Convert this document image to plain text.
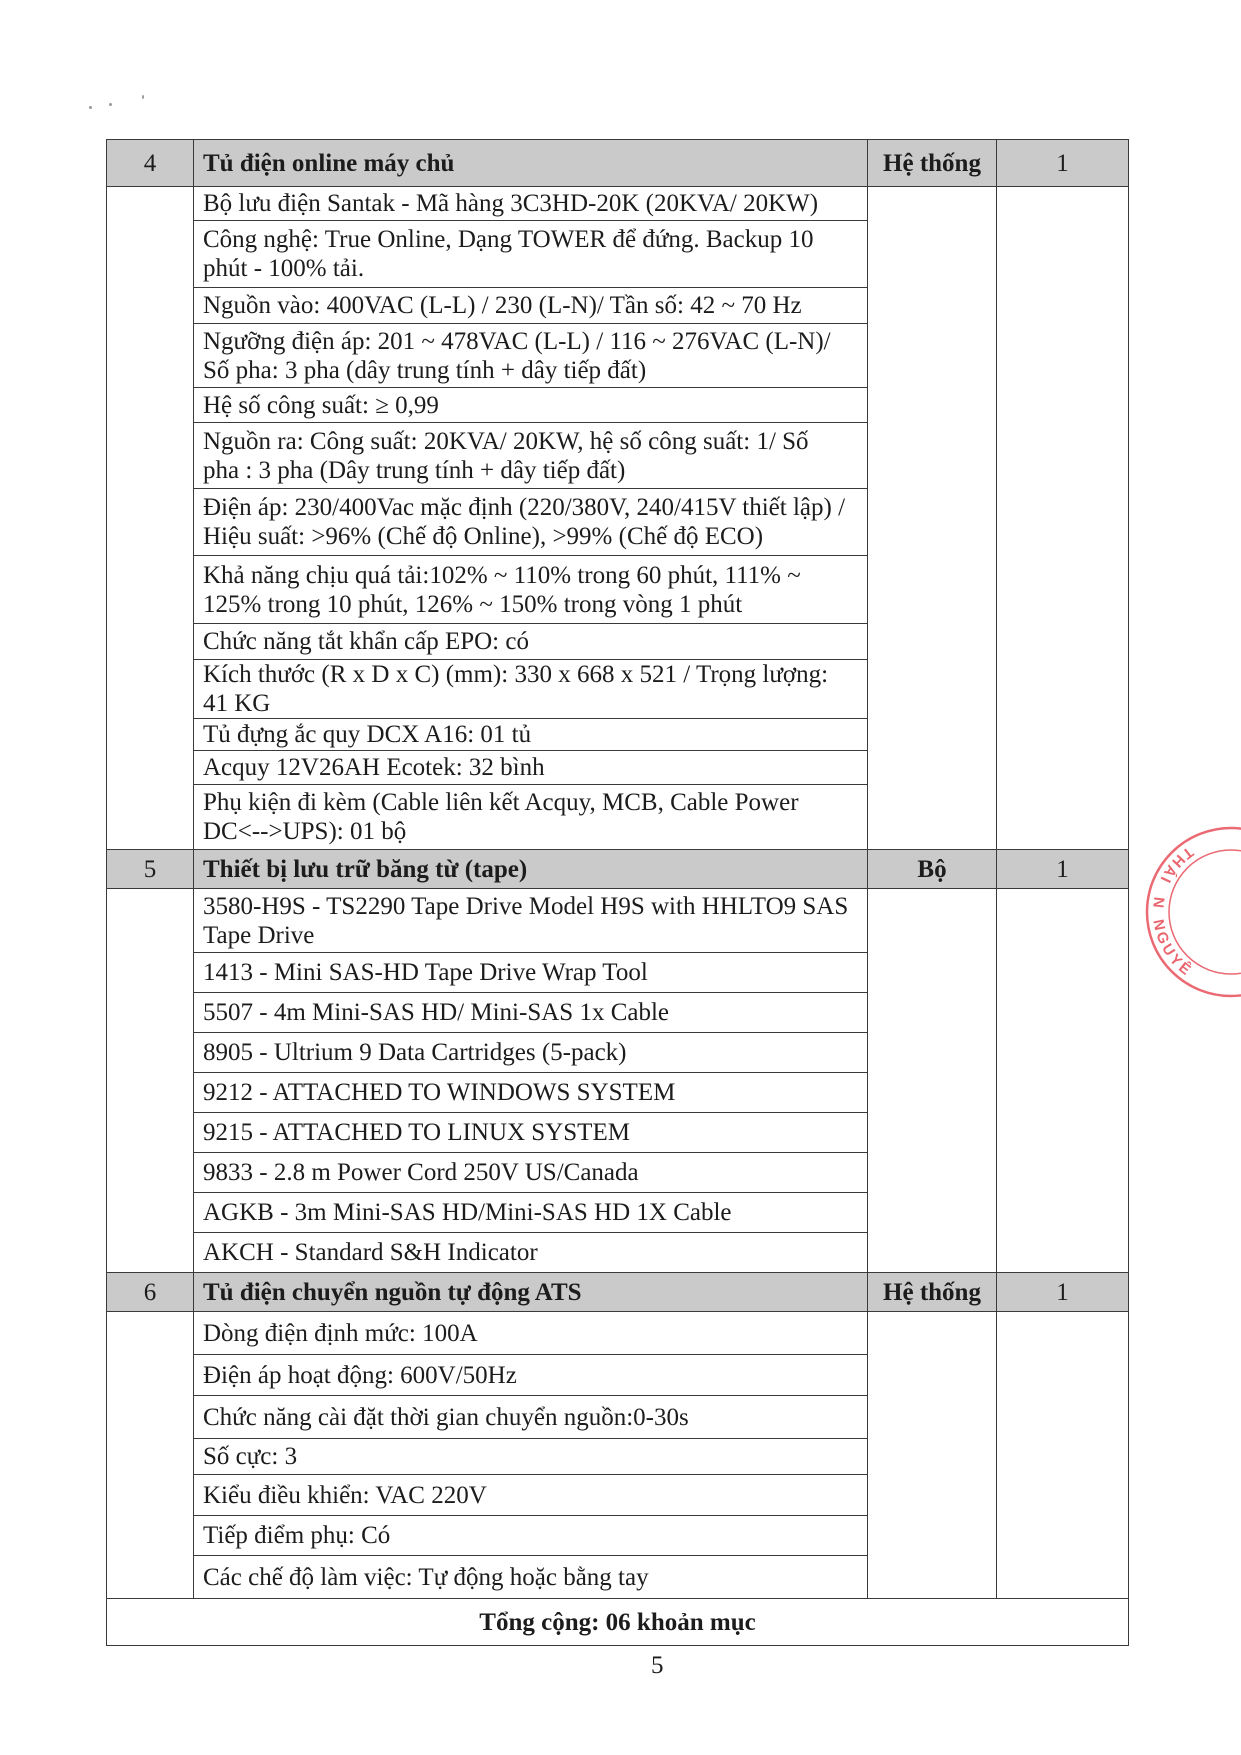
4	Tủ điện online máy chủ	Hệ thống	1

	Bộ lưu điện Santak - Mã hàng 3C3HD-20K (20KVA/ 20KW)		

	Công nghệ: True Online, Dạng TOWER để đứng. Backup 10
phút - 100% tải.		

	Nguồn vào: 400VAC (L-L) / 230 (L-N)/ Tần số: 42 ~ 70 Hz		

	Ngưỡng điện áp: 201 ~ 478VAC (L-L) / 116 ~ 276VAC (L-N)/
Số pha: 3 pha (dây trung tính + dây tiếp đất)		

	Hệ số công suất: ≥ 0,99		

	Nguồn ra: Công suất: 20KVA/ 20KW, hệ số công suất: 1/ Số
pha : 3 pha (Dây trung tính + dây tiếp đất)		

	Điện áp: 230/400Vac mặc định (220/380V, 240/415V thiết lập) /
Hiệu suất: >96% (Chế độ Online), >99% (Chế độ ECO)		

	Khả năng chịu quá tải:102% ~ 110% trong 60 phút, 111% ~
125% trong 10 phút, 126% ~ 150% trong vòng 1 phút		

	Chức năng tắt khẩn cấp EPO: có		

	Kích thước (R x D x C) (mm): 330 x 668 x 521 / Trọng lượng:
41 KG		

	Tủ đựng ắc quy DCX A16: 01 tủ		

	Acquy 12V26AH Ecotek: 32 bình		

	Phụ kiện đi kèm (Cable liên kết Acquy, MCB, Cable Power
DC<-->UPS): 01 bộ		

5	Thiết bị lưu trữ băng từ (tape)	Bộ	1

	3580-H9S - TS2290 Tape Drive Model H9S with HHLTO9 SAS
Tape Drive		

	1413 - Mini SAS-HD Tape Drive Wrap Tool		

	5507 - 4m Mini-SAS HD/ Mini-SAS 1x Cable		

	8905 - Ultrium 9 Data Cartridges (5-pack)		

	9212 - ATTACHED TO WINDOWS SYSTEM		

	9215 - ATTACHED TO LINUX SYSTEM		

	9833 - 2.8 m Power Cord 250V US/Canada		

	AGKB - 3m Mini-SAS HD/Mini-SAS HD 1X Cable		

	AKCH - Standard S&H Indicator		

6	Tủ điện chuyển nguồn tự động ATS	Hệ thống	1

	Dòng điện định mức: 100A		

	Điện áp hoạt động: 600V/50Hz		

	Chức năng cài đặt thời gian chuyển nguồn:0-30s		

	Số cực: 3		

	Kiểu điều khiển: VAC 220V		

	Tiếp điểm phụ: Có		

	Các chế độ làm việc: Tự động hoặc bằng tay		

Tổng cộng: 06 khoản mục			
5
THÁI
N
NGUYÊ
